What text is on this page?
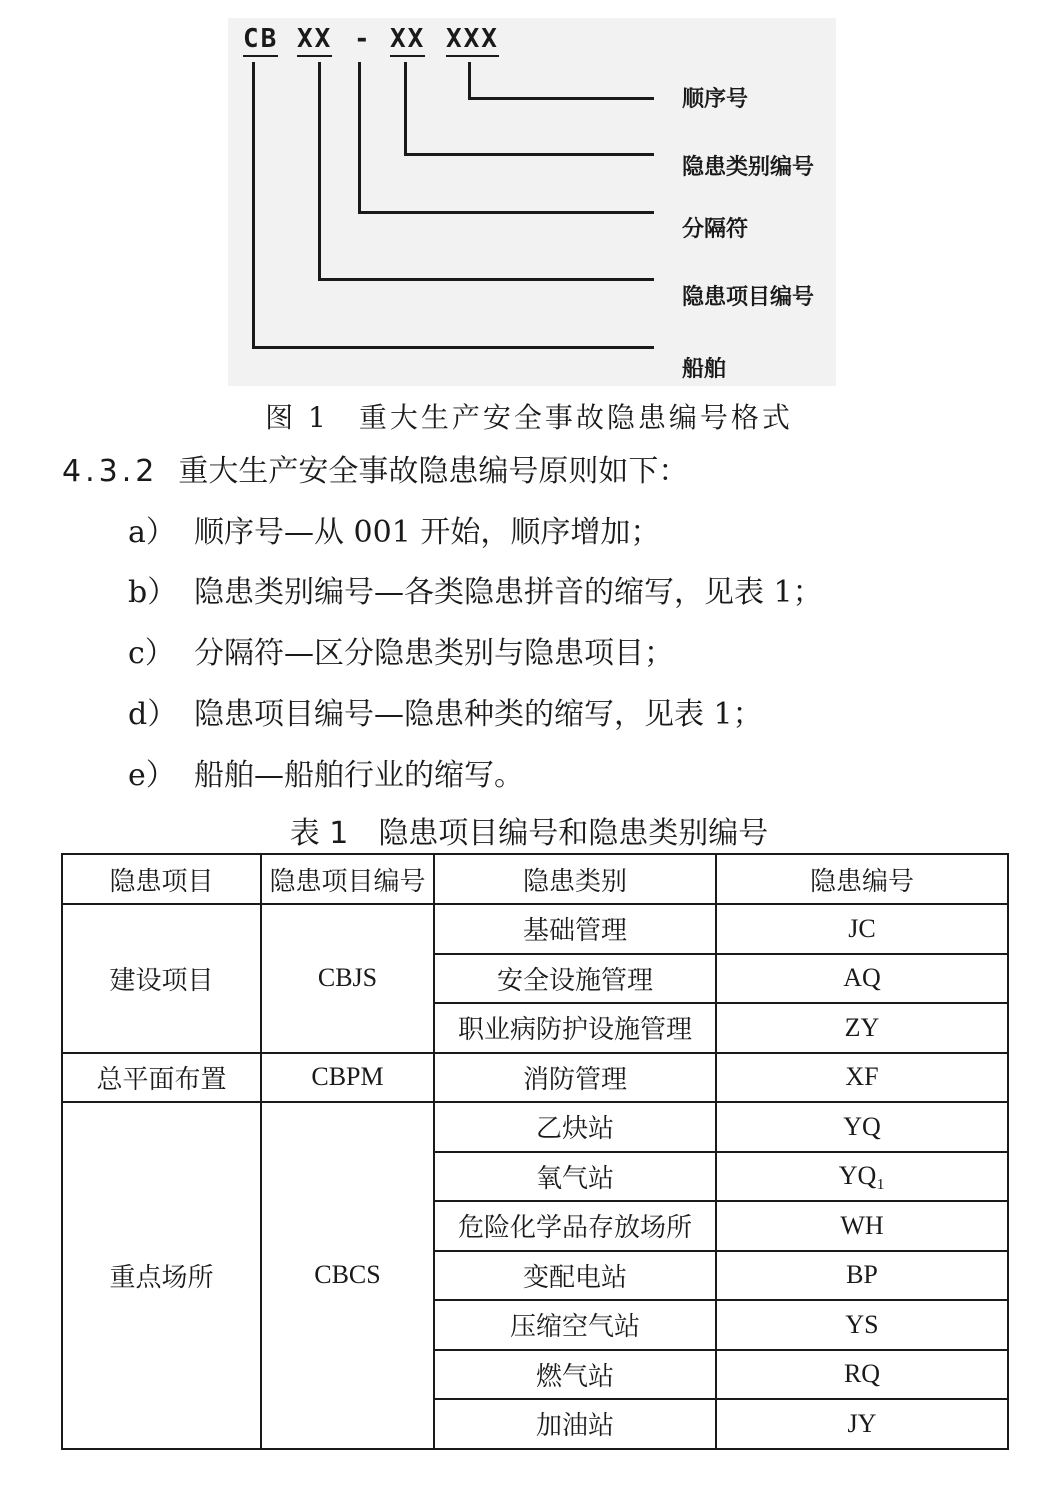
CB XX - XX XXX
顺序号
隐患类别编号
分隔符
隐患项目编号
船舶
图 1 重大生产安全事故隐患编号格式
4.3.2 重大生产安全事故隐患编号原则如下：
a） 顺序号—从 001 开始，顺序增加；
b） 隐患类别编号—各类隐患拼音的缩写，见表 1；
c） 分隔符—区分隐患类别与隐患项目；
d） 隐患项目编号—隐患种类的缩写，见表 1；
e） 船舶—船舶行业的缩写。
表 1 隐患项目编号和隐患类别编号
隐患项目	隐患项目编号	隐患类别	隐患编号
建设项目	CBJS	基础管理	JC
		安全设施管理	AQ
		职业病防护设施管理	ZY
总平面布置	CBPM	消防管理	XF
重点场所	CBCS	乙炔站	YQ
		氧气站	YQ₁
		危险化学品存放场所	WH
		变配电站	BP
		压缩空气站	YS
		燃气站	RQ
		加油站	JY
